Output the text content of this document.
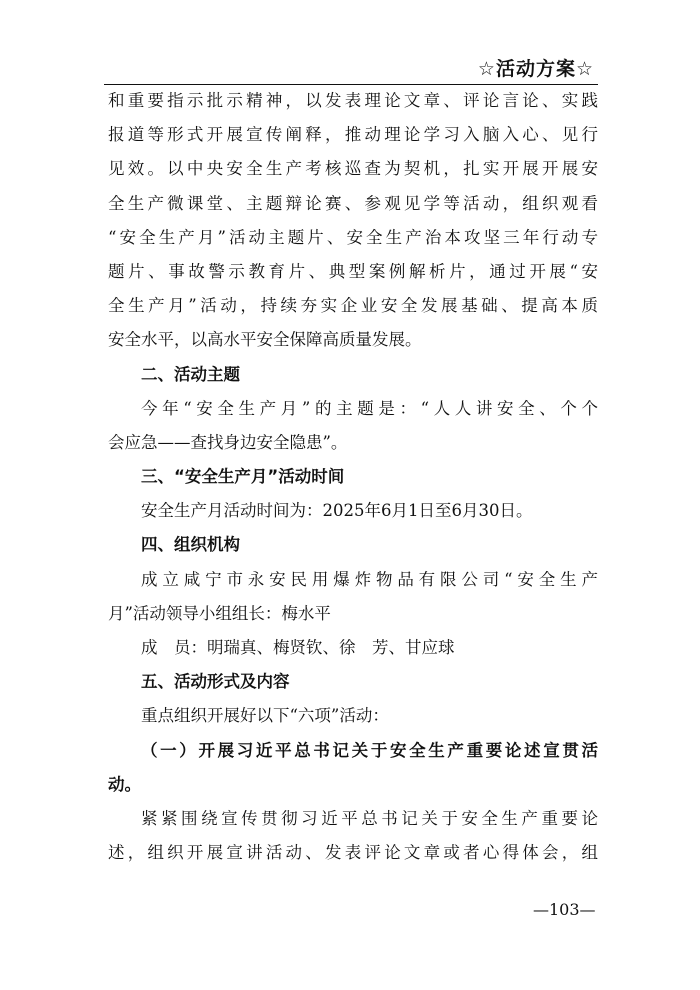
☆活动方案☆
和重要指示批示精神，以发表理论文章、评论言论、实践
报道等形式开展宣传阐释，推动理论学习入脑入心、见行
见效。以中央安全生产考核巡查为契机，扎实开展开展安
全生产微课堂、主题辩论赛、参观见学等活动，组织观看
“安全生产月”活动主题片、安全生产治本攻坚三年行动专
题片、事故警示教育片、典型案例解析片，通过开展“安
全生产月”活动，持续夯实企业安全发展基础、提高本质
安全水平，以高水平安全保障高质量发展。
二、活动主题
今年“安全生产月”的主题是：“人人讲安全、个个
会应急——查找身边安全隐患”。
三、“安全生产月”活动时间
安全生产月活动时间为：2025年6月1日至6月30日。
四、组织机构
成立咸宁市永安民用爆炸物品有限公司“安全生产
月”活动领导小组组长：梅水平
成　员：明瑞真、梅贤钦、徐　芳、甘应球
五、活动形式及内容
重点组织开展好以下“六项”活动：
（一）开展习近平总书记关于安全生产重要论述宣贯活
动。
紧紧围绕宣传贯彻习近平总书记关于安全生产重要论
述，组织开展宣讲活动、发表评论文章或者心得体会，组
—103—
